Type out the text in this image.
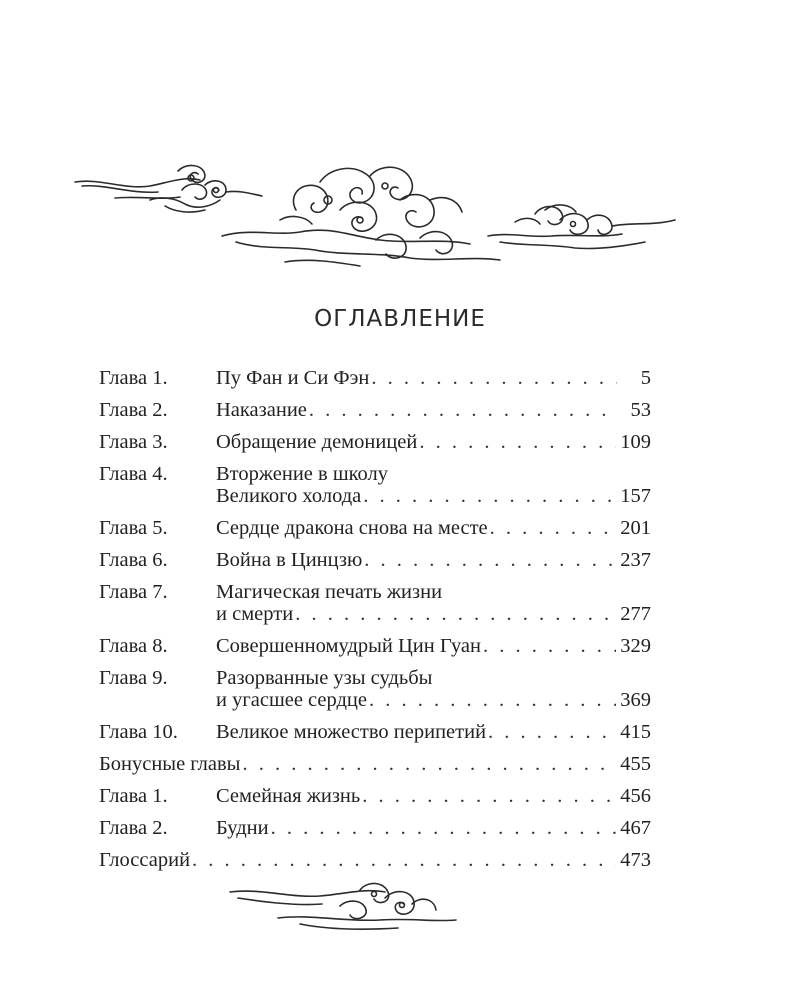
ОГЛАВЛЕНИЕ
Глава 1.	Пу Фан и Си Фэн . . .	5
Глава 2.	Наказание . . .	53
Глава 3.	Обращение демоницей . . .	109
Глава 4.	Вторжение в школу
Великого холода . . .	157
Глава 5.	Сердце дракона снова на месте . . .	201
Глава 6.	Война в Цинцзю . . .	237
Глава 7.	Магическая печать жизни
и смерти . . .	277
Глава 8.	Совершенномудрый Цин Гуан . . .	329
Глава 9.	Разорванные узы судьбы
и угасшее сердце . . .	369
Глава 10.	Великое множество перипетий . . .	415
Бонусные главы . . .	455
Глава 1.	Семейная жизнь . . .	456
Глава 2.	Будни . . .	467
Глоссарий . . .	473
